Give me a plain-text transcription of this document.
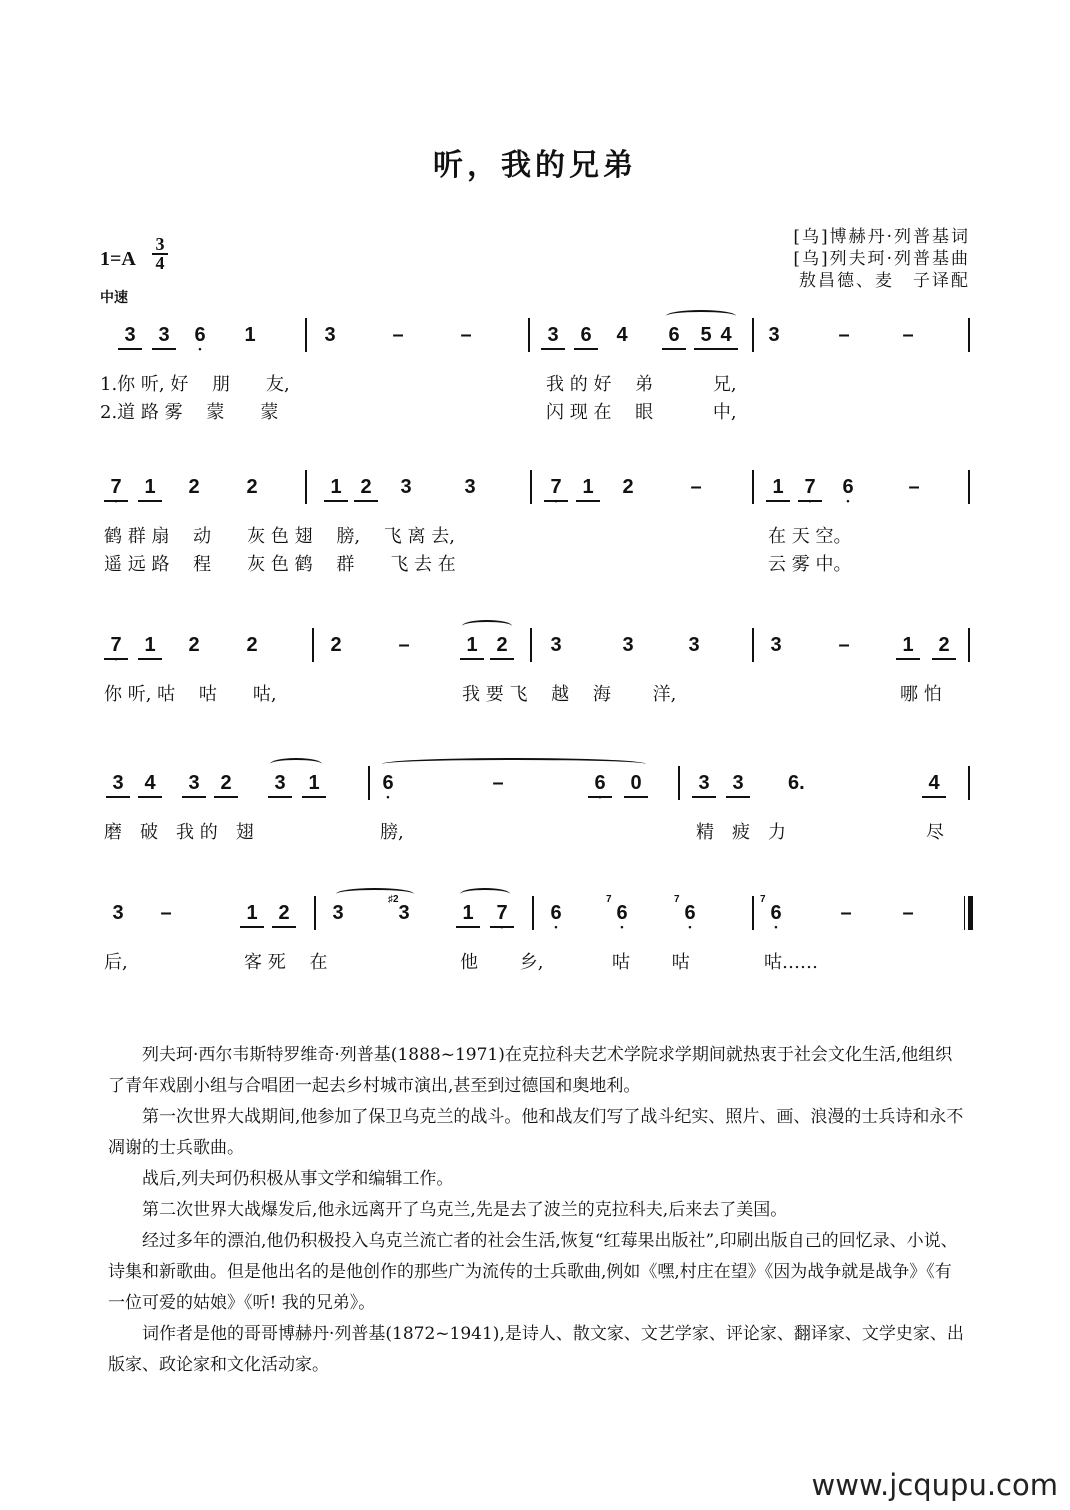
听，我的兄弟
[乌]博赫丹·列普基词
[乌]列夫珂·列普基曲
敖昌德、麦　子译配
$1=A \frac{3}{4}$
中速
3 3 • 6 1	3	–	–	3 6 4 6 5 4 3	–	–
1.你 听, 好　 朋　　友,	我 的 好　 弟　　　 兄,
2.道 路 雾　 蒙　　蒙	闪 现 在　 眼　　　 中,
• 7 1 2 2	1 2 3	3	• 7 1 2	–	1 • 7 • 6	–
鹤 群 扇　 动　　灰 色 翅　 膀,　 飞 离 去,	在 天 空。
遥 远 路　 程　　灰 色 鹤　 群　　飞 去 在	云 雾 中。
• 7 1 2 2	2	–	1 2 3	3	3	3	–	1 2
你 听, 咕　 咕　　咕,	我 要 飞　 越　 海　　 洋,	哪 怕
3 4 3 2 3 1	• 6	–	• 6 0	3 3 6.	4
磨　破　我 的　翅	膀,	精　疲　力	尽
3 –	1 2 3	3
♯2
1 • 7 • 6	• 6
7
• 6
7
• 6
7
–	–
后,	客 死　 在	他　　 乡,	咕　　 咕	咕……

列夫珂·西尔韦斯特罗维奇·列普基(1888~1971)在克拉科夫艺术学院求学期间就热衷于社会文化生活,他组织了青年戏剧小组与合唱团一起去乡村城市演出,甚至到过德国和奥地利。

第一次世界大战期间,他参加了保卫乌克兰的战斗。他和战友们写了战斗纪实、照片、画、浪漫的士兵诗和永不凋谢的士兵歌曲。

战后,列夫珂仍积极从事文学和编辑工作。

第二次世界大战爆发后,他永远离开了乌克兰,先是去了波兰的克拉科夫,后来去了美国。

经过多年的漂泊,他仍积极投入乌克兰流亡者的社会生活,恢复“红莓果出版社”,印刷出版自己的回忆录、小说、诗集和新歌曲。但是他出名的是他创作的那些广为流传的士兵歌曲,例如《嘿,村庄在望》《因为战争就是战争》《有一位可爱的姑娘》《听! 我的兄弟》。

词作者是他的哥哥博赫丹·列普基(1872~1941),是诗人、散文家、文艺学家、评论家、翻译家、文学史家、出版家、政论家和文化活动家。

www.jcqupu.com
